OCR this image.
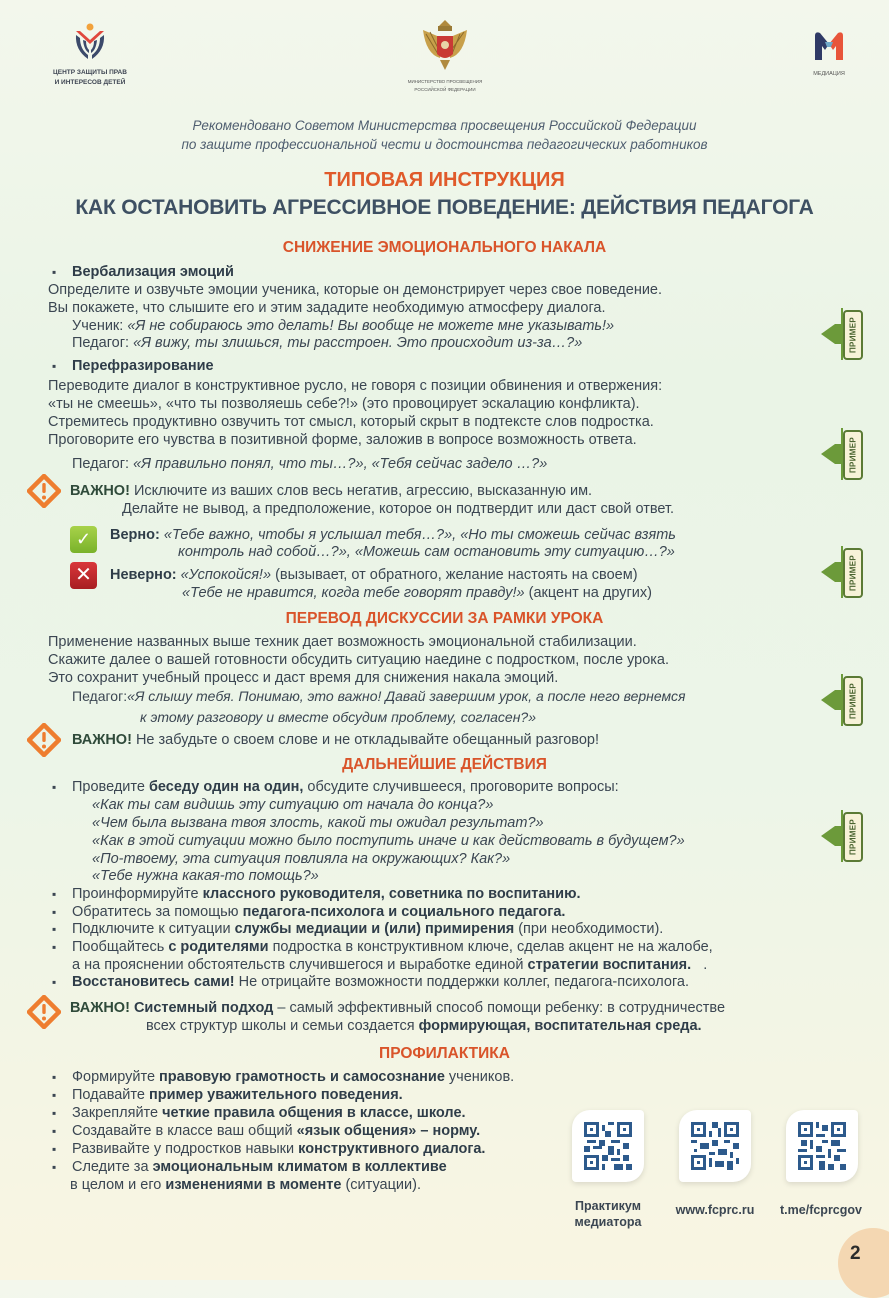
ЦЕНТР ЗАЩИТЫ ПРАВ
И ИНТЕРЕСОВ ДЕТЕЙ	МИНИСТЕРСТВО ПРОСВЕЩЕНИЯ
РОССИЙСКОЙ ФЕДЕРАЦИИ
МЕДИАЦИЯ
Рекомендовано Советом Министерства просвещения Российской Федерации
по защите профессиональной чести и достоинства педагогических работников
ТИПОВАЯ ИНСТРУКЦИЯ
КАК ОСТАНОВИТЬ АГРЕССИВНОЕ ПОВЕДЕНИЕ: ДЕЙСТВИЯ ПЕДАГОГА
СНИЖЕНИЕ ЭМОЦИОНАЛЬНОГО НАКАЛА
▪ Вербализация эмоций
Определите и озвучьте эмоции ученика, которые он демонстрирует через свое поведение.
Вы покажете, что слышите его и этим зададите необходимую атмосферу диалога.
Ученик: «Я не собираюсь это делать! Вы вообще не можете мне указывать!»
Педагог: «Я вижу, ты злишься, ты расстроен. Это происходит из-за…?»
▪ Перефразирование
Переводите диалог в конструктивное русло, не говоря с позиции обвинения и отвержения:
«ты не смеешь», «что ты позволяешь себе?!» (это провоцирует эскалацию конфликта).
Стремитесь продуктивно озвучить тот смысл, который скрыт в подтексте слов подростка.
Проговорите его чувства в позитивной форме, заложив в вопросе возможность ответа.
Педагог: «Я правильно понял, что ты…?», «Тебя сейчас задело …?»
ВАЖНО! Исключите из ваших слов весь негатив, агрессию, высказанную им.
Делайте не вывод, а предположение, которое он подтвердит или даст свой ответ.
✓	Верно: «Тебе важно, чтобы я услышал тебя…?», «Но ты сможешь сейчас взять
контроль над собой…?», «Можешь сам остановить эту ситуацию…?»
✕	Неверно: «Успокойся!» (вызывает, от обратного, желание настоять на своем)
«Тебе не нравится, когда тебе говорят правду!» (акцент на других)
ПЕРЕВОД ДИСКУССИИ ЗА РАМКИ УРОКА
Применение названных выше техник дает возможность эмоциональной стабилизации.
Скажите далее о вашей готовности обсудить ситуацию наедине с подростком, после урока.
Это сохранит учебный процесс и даст время для снижения накала эмоций.
Педагог:«Я слышу тебя. Понимаю, это важно! Давай завершим урок, а после него вернемся
к этому разговору и вместе обсудим проблему, согласен?»
ВАЖНО! Не забудьте о своем слове и не откладывайте обещанный разговор!
ДАЛЬНЕЙШИЕ ДЕЙСТВИЯ
▪ Проведите беседу один на один, обсудите случившееся, проговорите вопросы:
«Как ты сам видишь эту ситуацию от начала до конца?»
«Чем была вызвана твоя злость, какой ты ожидал результат?»
«Как в этой ситуации можно было поступить иначе и как действовать в будущем?»
«По-твоему, эта ситуация повлияла на окружающих? Как?»
«Тебе нужна какая-то помощь?»
▪ Проинформируйте классного руководителя, советника по воспитанию.
▪ Обратитесь за помощью педагога-психолога и социального педагога.
▪ Подключите к ситуации службы медиации и (или) примирения (при необходимости).
▪ Пообщайтесь с родителями подростка в конструктивном ключе, сделав акцент не на жалобе,
а на прояснении обстоятельств случившегося и выработке единой стратегии воспитания.   .
▪ Восстановитесь сами! Не отрицайте возможности поддержки коллег, педагога-психолога.
ВАЖНО! Системный подход – самый эффективный способ помощи ребенку: в сотрудничестве
всех структур школы и семьи создается формирующая, воспитательная среда.
ПРОФИЛАКТИКА
▪ Формируйте правовую грамотность и самосознание учеников.
▪ Подавайте пример уважительного поведения.
▪ Закрепляйте четкие правила общения в классе, школе.
▪ Создавайте в классе ваш общий «язык общения» – норму.
▪ Развивайте у подростков навыки конструктивного диалога.
▪ Следите за эмоциональным климатом в коллективе
в целом и его изменениями в моменте (ситуации).
ПРИМЕР
ПРИМЕР
ПРИМЕР
ПРИМЕР
ПРИМЕР
Практикум
медиатора
www.fcprc.ru	t.me/fcprcgov
2
